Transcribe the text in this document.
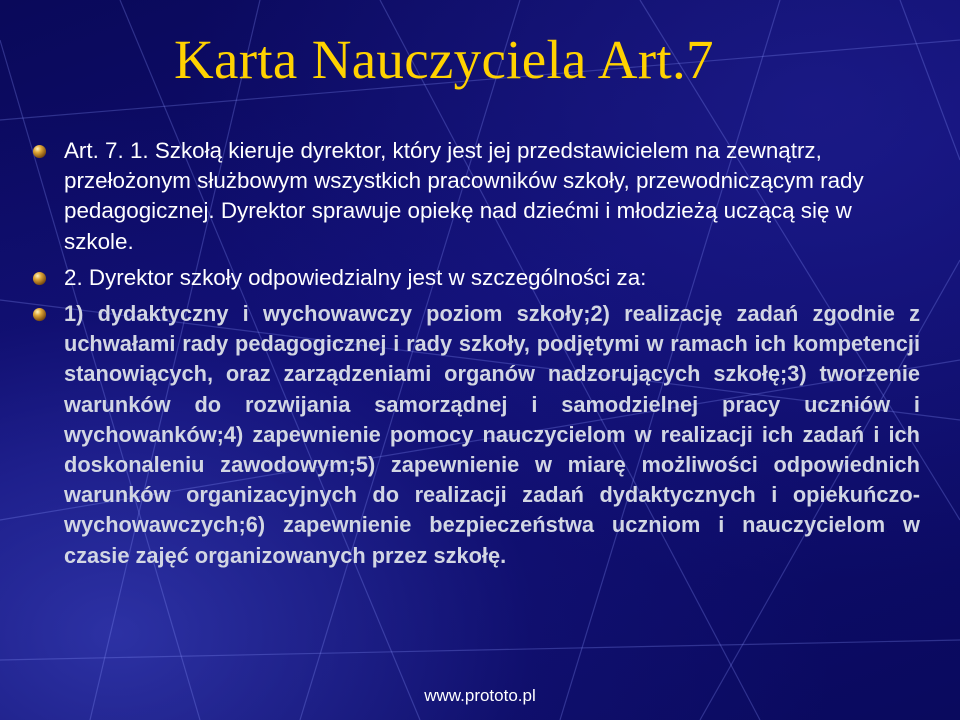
Karta Nauczyciela Art.7
Art. 7. 1. Szkołą kieruje dyrektor, który jest jej przedstawicielem na zewnątrz, przełożonym służbowym wszystkich pracowników szkoły, przewodniczącym rady pedagogicznej. Dyrektor sprawuje opiekę nad dziećmi i młodzieżą uczącą się w szkole.
2. Dyrektor szkoły odpowiedzialny jest w szczególności za:
1) dydaktyczny i wychowawczy poziom szkoły;2) realizację zadań zgodnie z uchwałami rady pedagogicznej i rady szkoły, podjętymi w ramach ich kompetencji stanowiących, oraz zarządzeniami organów nadzorujących szkołę;3) tworzenie warunków do rozwijania samorządnej i samodzielnej pracy uczniów i wychowanków;4) zapewnienie pomocy nauczycielom w realizacji ich zadań i ich doskonaleniu zawodowym;5) zapewnienie w miarę możliwości odpowiednich warunków organizacyjnych do realizacji zadań dydaktycznych i opiekuńczo-wychowawczych;6) zapewnienie bezpieczeństwa uczniom i nauczycielom w czasie zajęć organizowanych przez szkołę.
www.prototo.pl
